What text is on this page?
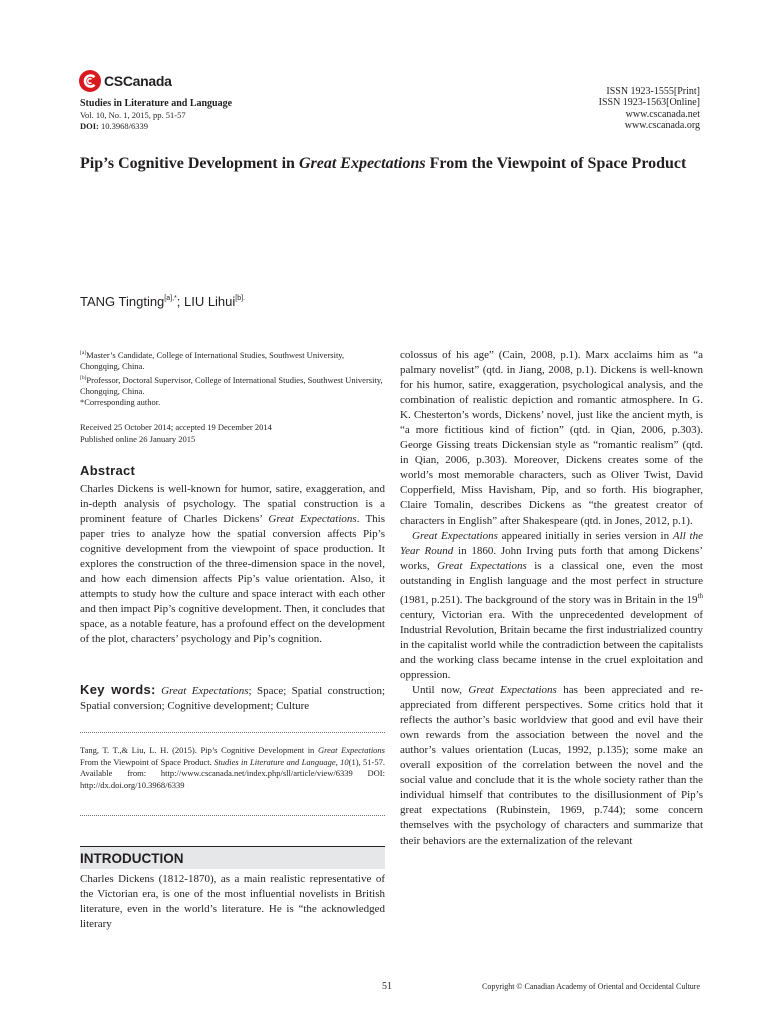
CSCanada
Studies in Literature and Language
Vol. 10, No. 1, 2015, pp. 51-57
DOI: 10.3968/6339
ISSN 1923-1555[Print]
ISSN 1923-1563[Online]
www.cscanada.net
www.cscanada.org
Pip’s Cognitive Development in Great Expectations From the Viewpoint of Space Product
TANG Tingting$^{[a],*}$; LIU Lihui$^{[b].}$

[a]Master’s Candidate, College of International Studies, Southwest University, Chongqing, China.

[b]Professor, Doctoral Supervisor, College of International Studies, Southwest University, Chongqing, China.

*Corresponding author.

Received 25 October 2014; accepted 19 December 2014

Published online 26 January 2015

Abstract
Charles Dickens is well-known for humor, satire, exaggeration, and in-depth analysis of psychology. The spatial construction is a prominent feature of Charles Dickens’ Great Expectations. This paper tries to analyze how the spatial conversion affects Pip’s cognitive development from the viewpoint of space production. It explores the construction of the three-dimension space in the novel, and how each dimension affects Pip’s value orientation. Also, it attempts to study how the culture and space interact with each other and then impact Pip’s cognitive development. Then, it concludes that space, as a notable feature, has a profound effect on the development of the plot, characters’ psychology and Pip’s cognition.
Key words: Great Expectations; Space; Spatial construction; Spatial conversion; Cognitive development; Culture
Tang, T. T.,& Liu, L. H. (2015). Pip’s Cognitive Development in Great Expectations From the Viewpoint of Space Product. Studies in Literature and Language, 10(1), 51-57. Available from: http://www.cscanada.net/index.php/sll/article/view/6339 DOI: http://dx.doi.org/10.3968/6339
INTRODUCTION
Charles Dickens (1812-1870), as a main realistic representative of the Victorian era, is one of the most influential novelists in British literature, even in the world’s literature. He is “the acknowledged literary

colossus of his age” (Cain, 2008, p.1). Marx acclaims him as “a palmary novelist” (qtd. in Jiang, 2008, p.1). Dickens is well-known for his humor, satire, exaggeration, psychological analysis, and the combination of realistic depiction and romantic atmosphere. In G. K. Chesterton’s words, Dickens’ novel, just like the ancient myth, is “a more fictitious kind of fiction” (qtd. in Qian, 2006, p.303). George Gissing treats Dickensian style as “romantic realism” (qtd. in Qian, 2006, p.303). Moreover, Dickens creates some of the world’s most memorable characters, such as Oliver Twist, David Copperfield, Miss Havisham, Pip, and so forth. His biographer, Claire Tomalin, describes Dickens as “the greatest creator of characters in English” after Shakespeare (qtd. in Jones, 2012, p.1).

Great Expectations appeared initially in series version in All the Year Round in 1860. John Irving puts forth that among Dickens’ works, Great Expectations is a classical one, even the most outstanding in English language and the most perfect in structure (1981, p.251). The background of the story was in Britain in the 19th century, Victorian era. With the unprecedented development of Industrial Revolution, Britain became the first industrialized country in the capitalist world while the contradiction between the capitalists and the working class became intense in the cruel exploitation and oppression.

Until now, Great Expectations has been appreciated and re-appreciated from different perspectives. Some critics hold that it reflects the author’s basic worldview that good and evil have their own rewards from the association between the novel and the author’s values orientation (Lucas, 1992, p.135); some make an overall exposition of the correlation between the novel and the social value and conclude that it is the whole society rather than the individual himself that contributes to the disillusionment of Pip’s great expectations (Rubinstein, 1969, p.744); some concern themselves with the psychology of characters and summarize that their behaviors are the externalization of the relevant

51	Copyright © Canadian Academy of Oriental and Occidental Culture
